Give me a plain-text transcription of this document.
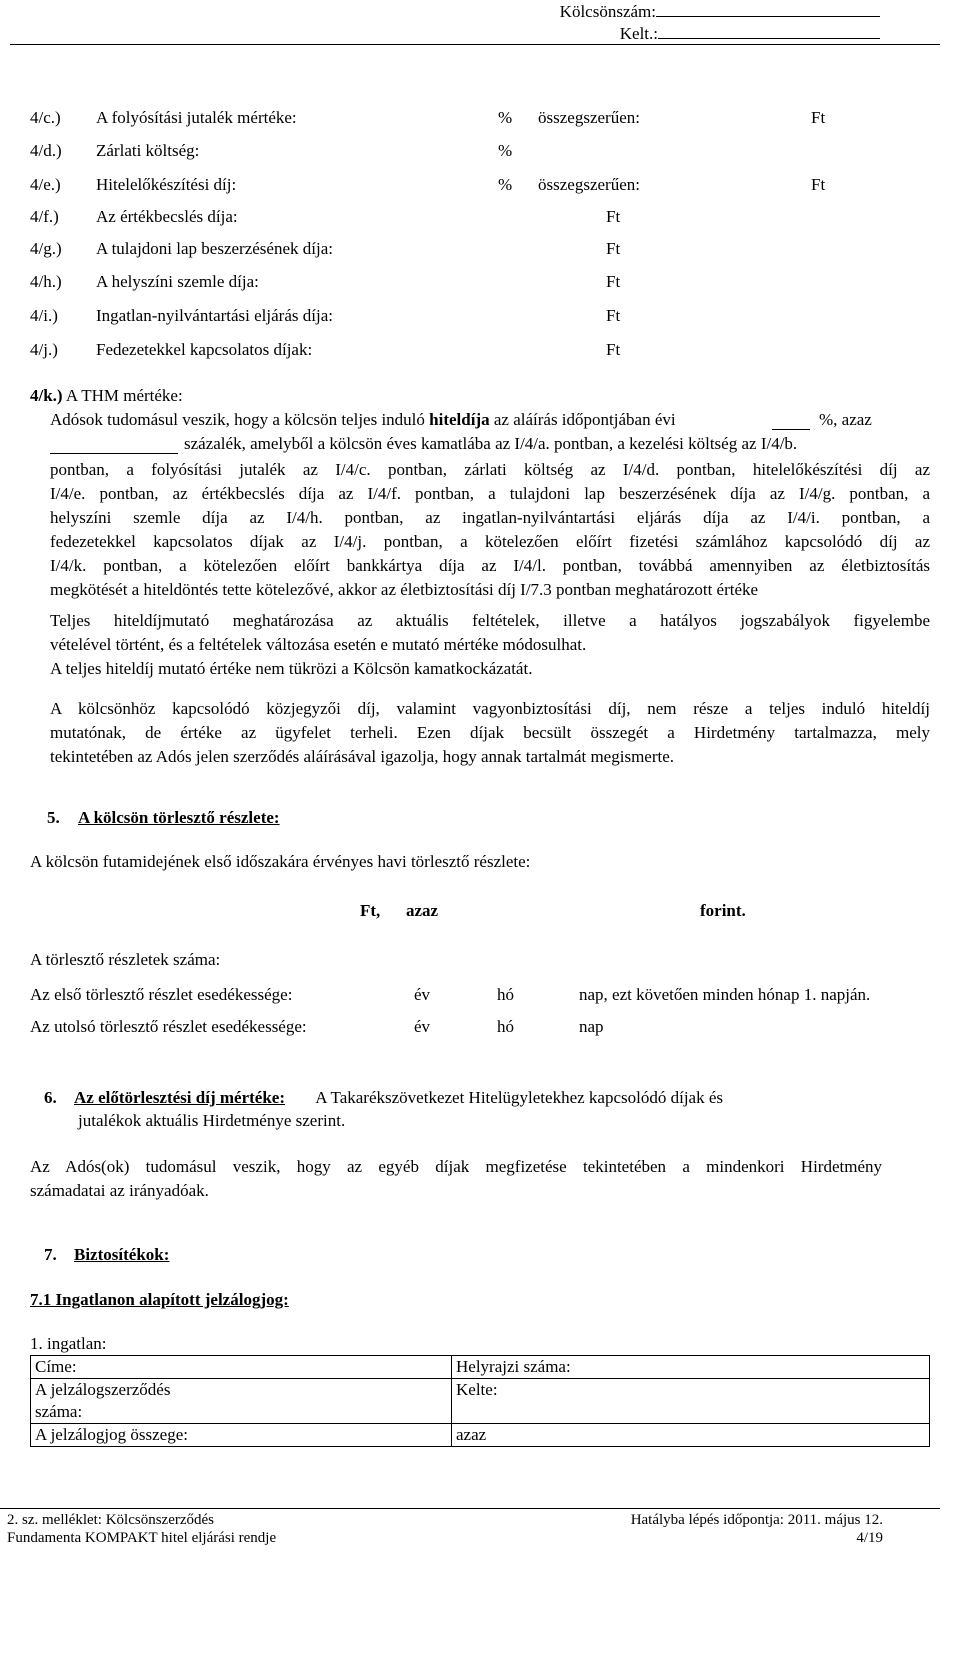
Kölcsönszám:
Kelt.:
4/c.) A folyósítási jutalék mértéke:	% összegszerűen:	Ft
4/d.) Zárlati költség:	%
4/e.) Hitelelőkészítési díj:	% összegszerűen:	Ft
4/f.) Az értékbecslés díja:	Ft
4/g.) A tulajdoni lap beszerzésének díja:	Ft
4/h.) A helyszíni szemle díja:	Ft
4/i.) Ingatlan-nyilvántartási eljárás díja:	Ft
4/j.) Fedezetekkel kapcsolatos díjak:	Ft
4/k.) A THM mértéke:
Adósok tudomásul veszik, hogy a kölcsön teljes induló hiteldíja az aláírás időpontjában évi	%, azaz
százalék, amelyből a kölcsön éves kamatlába az I/4/a. pontban, a kezelési költség az I/4/b.
pontban, a folyósítási jutalék az I/4/c. pontban, zárlati költség az I/4/d. pontban, hitelelőkészítési díj az
I/4/e. pontban, az értékbecslés díja az I/4/f. pontban, a tulajdoni lap beszerzésének díja az I/4/g. pontban, a
helyszíni szemle díja az I/4/h. pontban, az ingatlan-nyilvántartási eljárás díja az I/4/i. pontban, a
fedezetekkel kapcsolatos díjak az I/4/j. pontban, a kötelezően előírt fizetési számlához kapcsolódó díj az
I/4/k. pontban, a kötelezően előírt bankkártya díja az I/4/l. pontban, továbbá amennyiben az életbiztosítás
megkötését a hiteldöntés tette kötelezővé, akkor az életbiztosítási díj I/7.3 pontban meghatározott értéke
Teljes hiteldíjmutató meghatározása az aktuális feltételek, illetve a hatályos jogszabályok figyelembe
vételével történt, és a feltételek változása esetén e mutató mértéke módosulhat.
A teljes hiteldíj mutató értéke nem tükrözi a Kölcsön kamatkockázatát.
A kölcsönhöz kapcsolódó közjegyzői díj, valamint vagyonbiztosítási díj, nem része a teljes induló hiteldíj
mutatónak, de értéke az ügyfelet terheli. Ezen díjak becsült összegét a Hirdetmény tartalmazza, mely
tekintetében az Adós jelen szerződés aláírásával igazolja, hogy annak tartalmát megismerte.
5. A kölcsön törlesztő részlete:
A kölcsön futamidejének első időszakára érvényes havi törlesztő részlete:
Ft, azaz	forint.
A törlesztő részletek száma:
Az első törlesztő részlet esedékessége:	év	hó	nap, ezt követően minden hónap 1. napján.
Az utolsó törlesztő részlet esedékessége:	év	hó	nap
6. Az előtörlesztési díj mértéke: A Takarékszövetkezet Hitelügyletekhez kapcsolódó díjak és
jutalékok aktuális Hirdetménye szerint.
Az Adós(ok) tudomásul veszik, hogy az egyéb díjak megfizetése tekintetében a mindenkori Hirdetmény
számadatai az irányadóak.
7. Biztosítékok:
7.1 Ingatlanon alapított jelzálogjog:
1. ingatlan:
Címe:	Helyrajzi száma:

A jelzálogszerződés
száma:	Kelte:
A jelzálogjog összege:	azaz
2. sz. melléklet: Kölcsönszerződés
Fundamenta KOMPAKT hitel eljárási rendje
Hatályba lépés időpontja: 2011. május 12.
4/19
